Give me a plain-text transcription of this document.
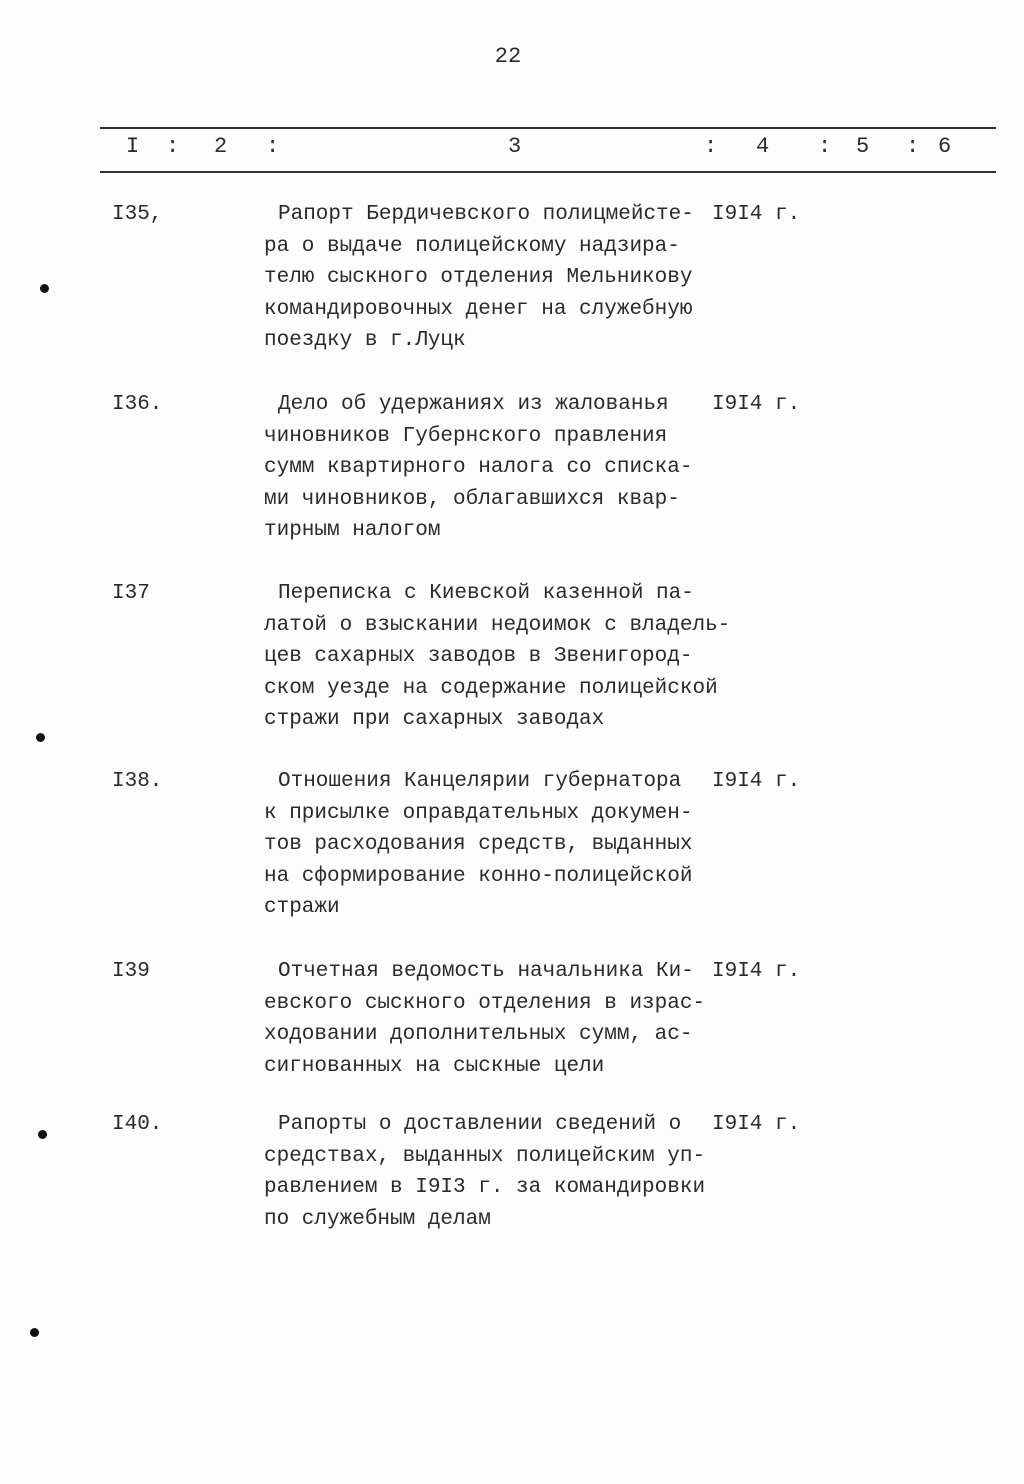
22
I : 2 :	3	: 4 : 5 : 6
I35,	Рапорт Бердичевского полицмейсте-
ра о выдаче полицейскому надзира-
телю сыскного отделения Мельникову
командировочных денег на служебную
поездку в г.Луцк
I9I4 г.
I36.	Дело об удержаниях из жалованья
чиновников Губернского правления
сумм квартирного налога со списка-
ми чиновников, облагавшихся квар-
тирным налогом
I9I4 г.
I37	Переписка с Киевской казенной па-
латой о взыскании недоимок с владель-
цев сахарных заводов в Звенигород-
ском уезде на содержание полицейской
стражи при сахарных заводах
I38.	Отношения Канцелярии губернатора
к присылке оправдательных докумен-
тов расходования средств, выданных
на сформирование конно-полицейской
стражи
I9I4 г.
I39	Отчетная ведомость начальника Ки-
евского сыскного отделения в израс-
ходовании дополнительных сумм, ас-
сигнованных на сыскные цели
I9I4 г.
I40.	Рапорты о доставлении сведений о
средствах, выданных полицейским уп-
равлением в I9I3 г. за командировки
по служебным делам
I9I4 г.
